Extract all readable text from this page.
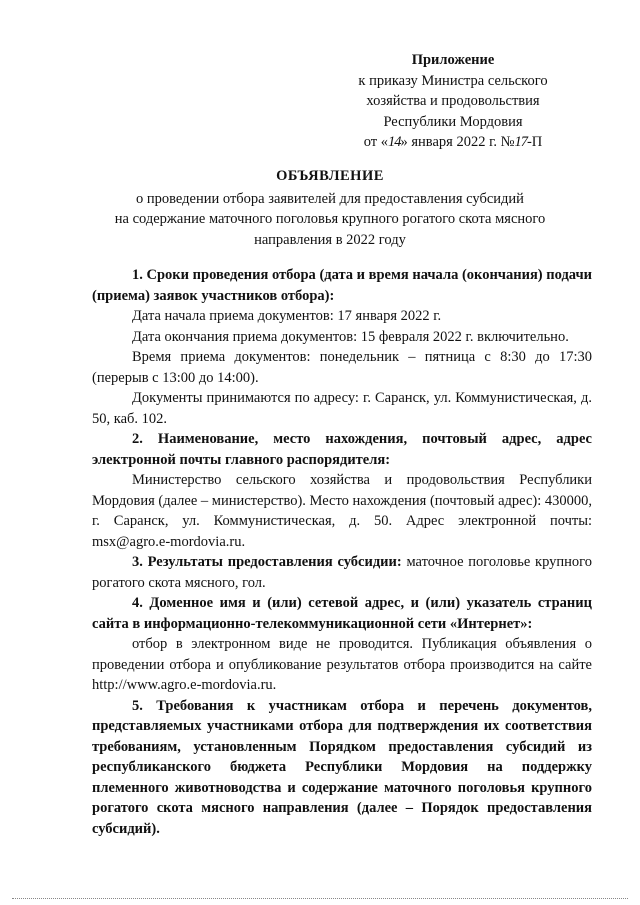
Приложение
к приказу Министра сельского
хозяйства и продовольствия
Республики Мордовия
от «14» января 2022 г. №17-П
ОБЪЯВЛЕНИЕ
о проведении отбора заявителей для предоставления субсидий
на содержание маточного поголовья крупного рогатого скота мясного
направления в 2022 году

1. Сроки проведения отбора (дата и время начала (окончания) подачи (приема) заявок участников отбора):

Дата начала приема документов: 17 января 2022 г.

Дата окончания приема документов: 15 февраля 2022 г. включительно.

Время приема документов: понедельник – пятница с 8:30 до 17:30 (перерыв с 13:00 до 14:00).

Документы принимаются по адресу: г. Саранск, ул. Коммунистическая, д. 50, каб. 102.

2. Наименование, место нахождения, почтовый адрес, адрес электронной почты главного распорядителя:

Министерство сельского хозяйства и продовольствия Республики Мордовия (далее – министерство). Место нахождения (почтовый адрес): 430000, г. Саранск, ул. Коммунистическая, д. 50. Адрес электронной почты: msx@agro.e-mordovia.ru.

3. Результаты предоставления субсидии: маточное поголовье крупного рогатого скота мясного, гол.

4. Доменное имя и (или) сетевой адрес, и (или) указатель страниц сайта в информационно-телекоммуникационной сети «Интернет»:

отбор в электронном виде не проводится. Публикация объявления о проведении отбора и опубликование результатов отбора производится на сайте http://www.agro.e-mordovia.ru.

5. Требования к участникам отбора и перечень документов, представляемых участниками отбора для подтверждения их соответствия требованиям, установленным Порядком предоставления субсидий из республиканского бюджета Республики Мордовия на поддержку племенного животноводства и содержание маточного поголовья крупного рогатого скота мясного направления (далее – Порядок предоставления субсидий).
